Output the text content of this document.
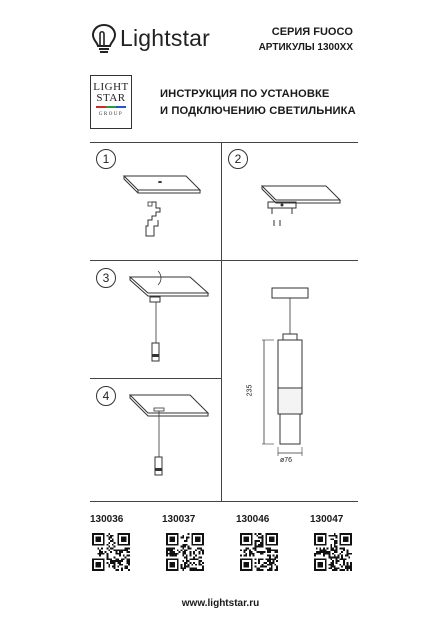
Lightstar	СЕРИЯ FUOCO
АРТИКУЛЫ 1300XX
LIGHT
STAR
GROUP
ИНСТРУКЦИЯ ПО УСТАНОВКЕ
И ПОДКЛЮЧЕНИЮ СВЕТИЛЬНИКА
1	2
3
4	235
ø76
130036	130037	130046	130047
www.lightstar.ru
